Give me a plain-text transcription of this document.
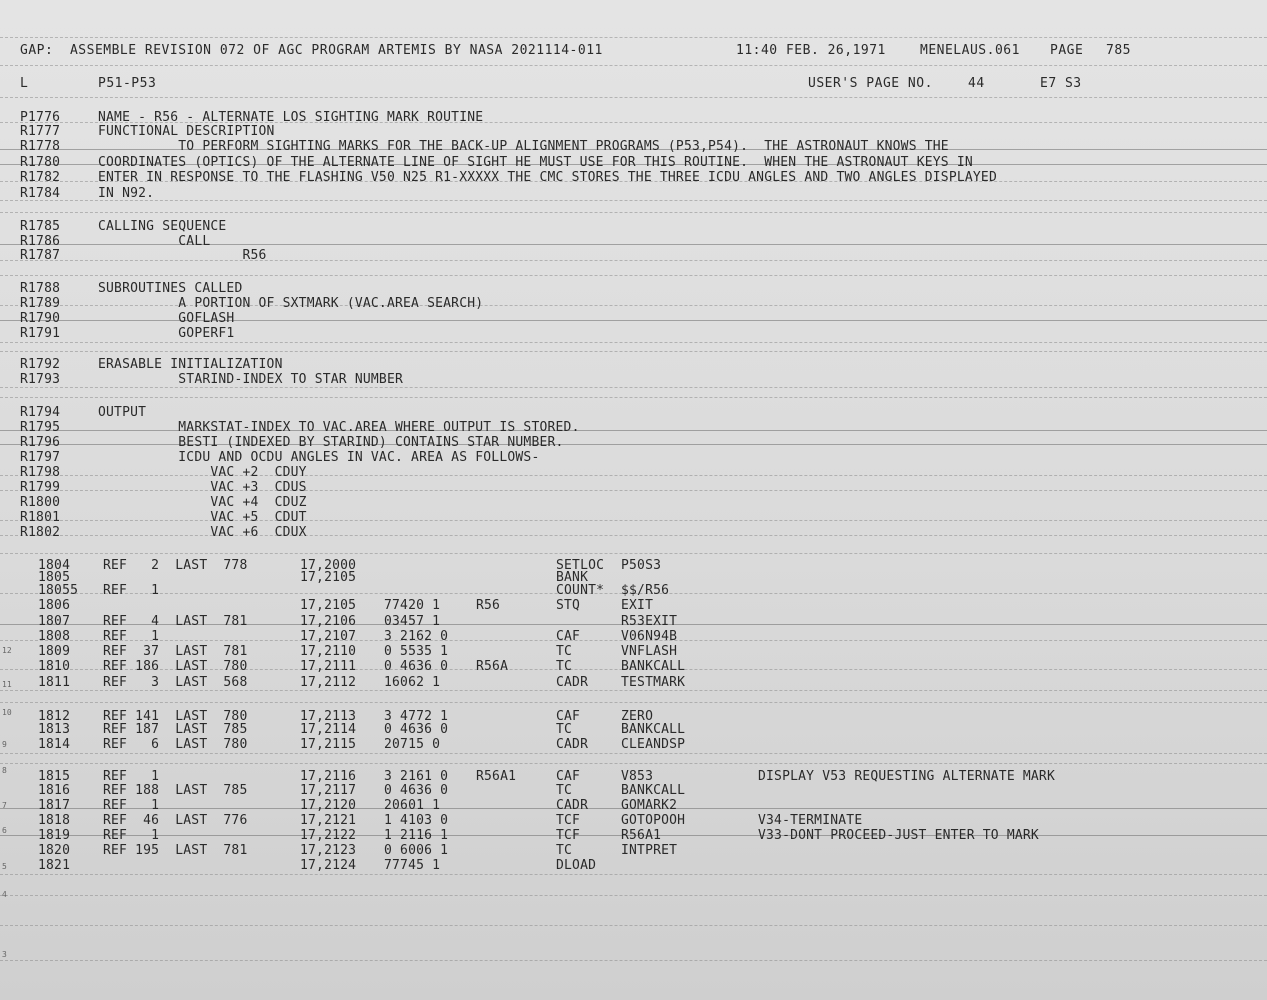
GAP:  ASSEMBLE REVISION 072 OF AGC PROGRAM ARTEMIS BY NASA 2021114-011

	11:40 FEB. 26,1971

	MENELAUS.061

PAGE

785

L

	P51-P53

	USER'S PAGE NO.

	44

	E7 S3

P1776	NAME - R56 - ALTERNATE LOS SIGHTING MARK ROUTINE
R1777	FUNCTIONAL DESCRIPTION
R1778	TO PERFORM SIGHTING MARKS FOR THE BACK-UP ALIGNMENT PROGRAMS (P53,P54).  THE ASTRONAUT KNOWS THE
R1780	COORDINATES (OPTICS) OF THE ALTERNATE LINE OF SIGHT HE MUST USE FOR THIS ROUTINE.  WHEN THE ASTRONAUT KEYS IN
R1782	ENTER IN RESPONSE TO THE FLASHING V50 N25 R1-XXXXX THE CMC STORES THE THREE ICDU ANGLES AND TWO ANGLES DISPLAYED
R1784	IN N92.
R1785	CALLING SEQUENCE
R1786	CALL
R1787	R56
R1788	SUBROUTINES CALLED
R1789	A PORTION OF SXTMARK (VAC.AREA SEARCH)
R1790	GOFLASH
R1791	GOPERF1
R1792	ERASABLE INITIALIZATION
R1793	STARIND-INDEX TO STAR NUMBER
R1794	OUTPUT
R1795	MARKSTAT-INDEX TO VAC.AREA WHERE OUTPUT IS STORED.
R1796	BESTI (INDEXED BY STARIND) CONTAINS STAR NUMBER.
R1797	ICDU AND OCDU ANGLES IN VAC. AREA AS FOLLOWS-
R1798	VAC +2  CDUY
R1799	VAC +3  CDUS
R1800	VAC +4  CDUZ
R1801	VAC +5  CDUT
R1802	VAC +6  CDUX
1804	REF   2  LAST  778	17,2000	SETLOC P50S3
1805	17,2105	BANK
18055 REF   1	COUNT* $$/R56
1806	17,2105 77420 1	R56	STQ	EXIT
1807	REF   4  LAST  781	17,2106 03457 1	R53EXIT
1808	REF   1	17,2107 3 2162 0	CAF	V06N94B
1809	REF  37  LAST  781	17,2110 0 5535 1	TC	VNFLASH
1810	REF 186  LAST  780	17,2111 0 4636 0 R56A	TC	BANKCALL
1811	REF   3  LAST  568	17,2112 16062 1	CADR	TESTMARK
1812	REF 141  LAST  780	17,2113 3 4772 1	CAF	ZERO
1813	REF 187  LAST  785	17,2114 0 4636 0	TC	BANKCALL
1814	REF   6  LAST  780	17,2115 20715 0	CADR	CLEANDSP
1815	REF   1	17,2116 3 2161 0 R56A1	CAF	V853	DISPLAY V53 REQUESTING ALTERNATE MARK
1816	REF 188  LAST  785	17,2117 0 4636 0	TC	BANKCALL
1817	REF   1	17,2120 20601 1	CADR	GOMARK2
1818	REF  46  LAST  776	17,2121 1 4103 0	TCF	GOTOPOOH	V34-TERMINATE
1819	REF   1	17,2122 1 2116 1	TCF	R56A1	V33-DONT PROCEED-JUST ENTER TO MARK
1820	REF 195  LAST  781	17,2123 0 6006 1	TC	INTPRET
1821	17,2124 77745 1	DLOAD
12
11
10
9
8
7
6
5
4
3
